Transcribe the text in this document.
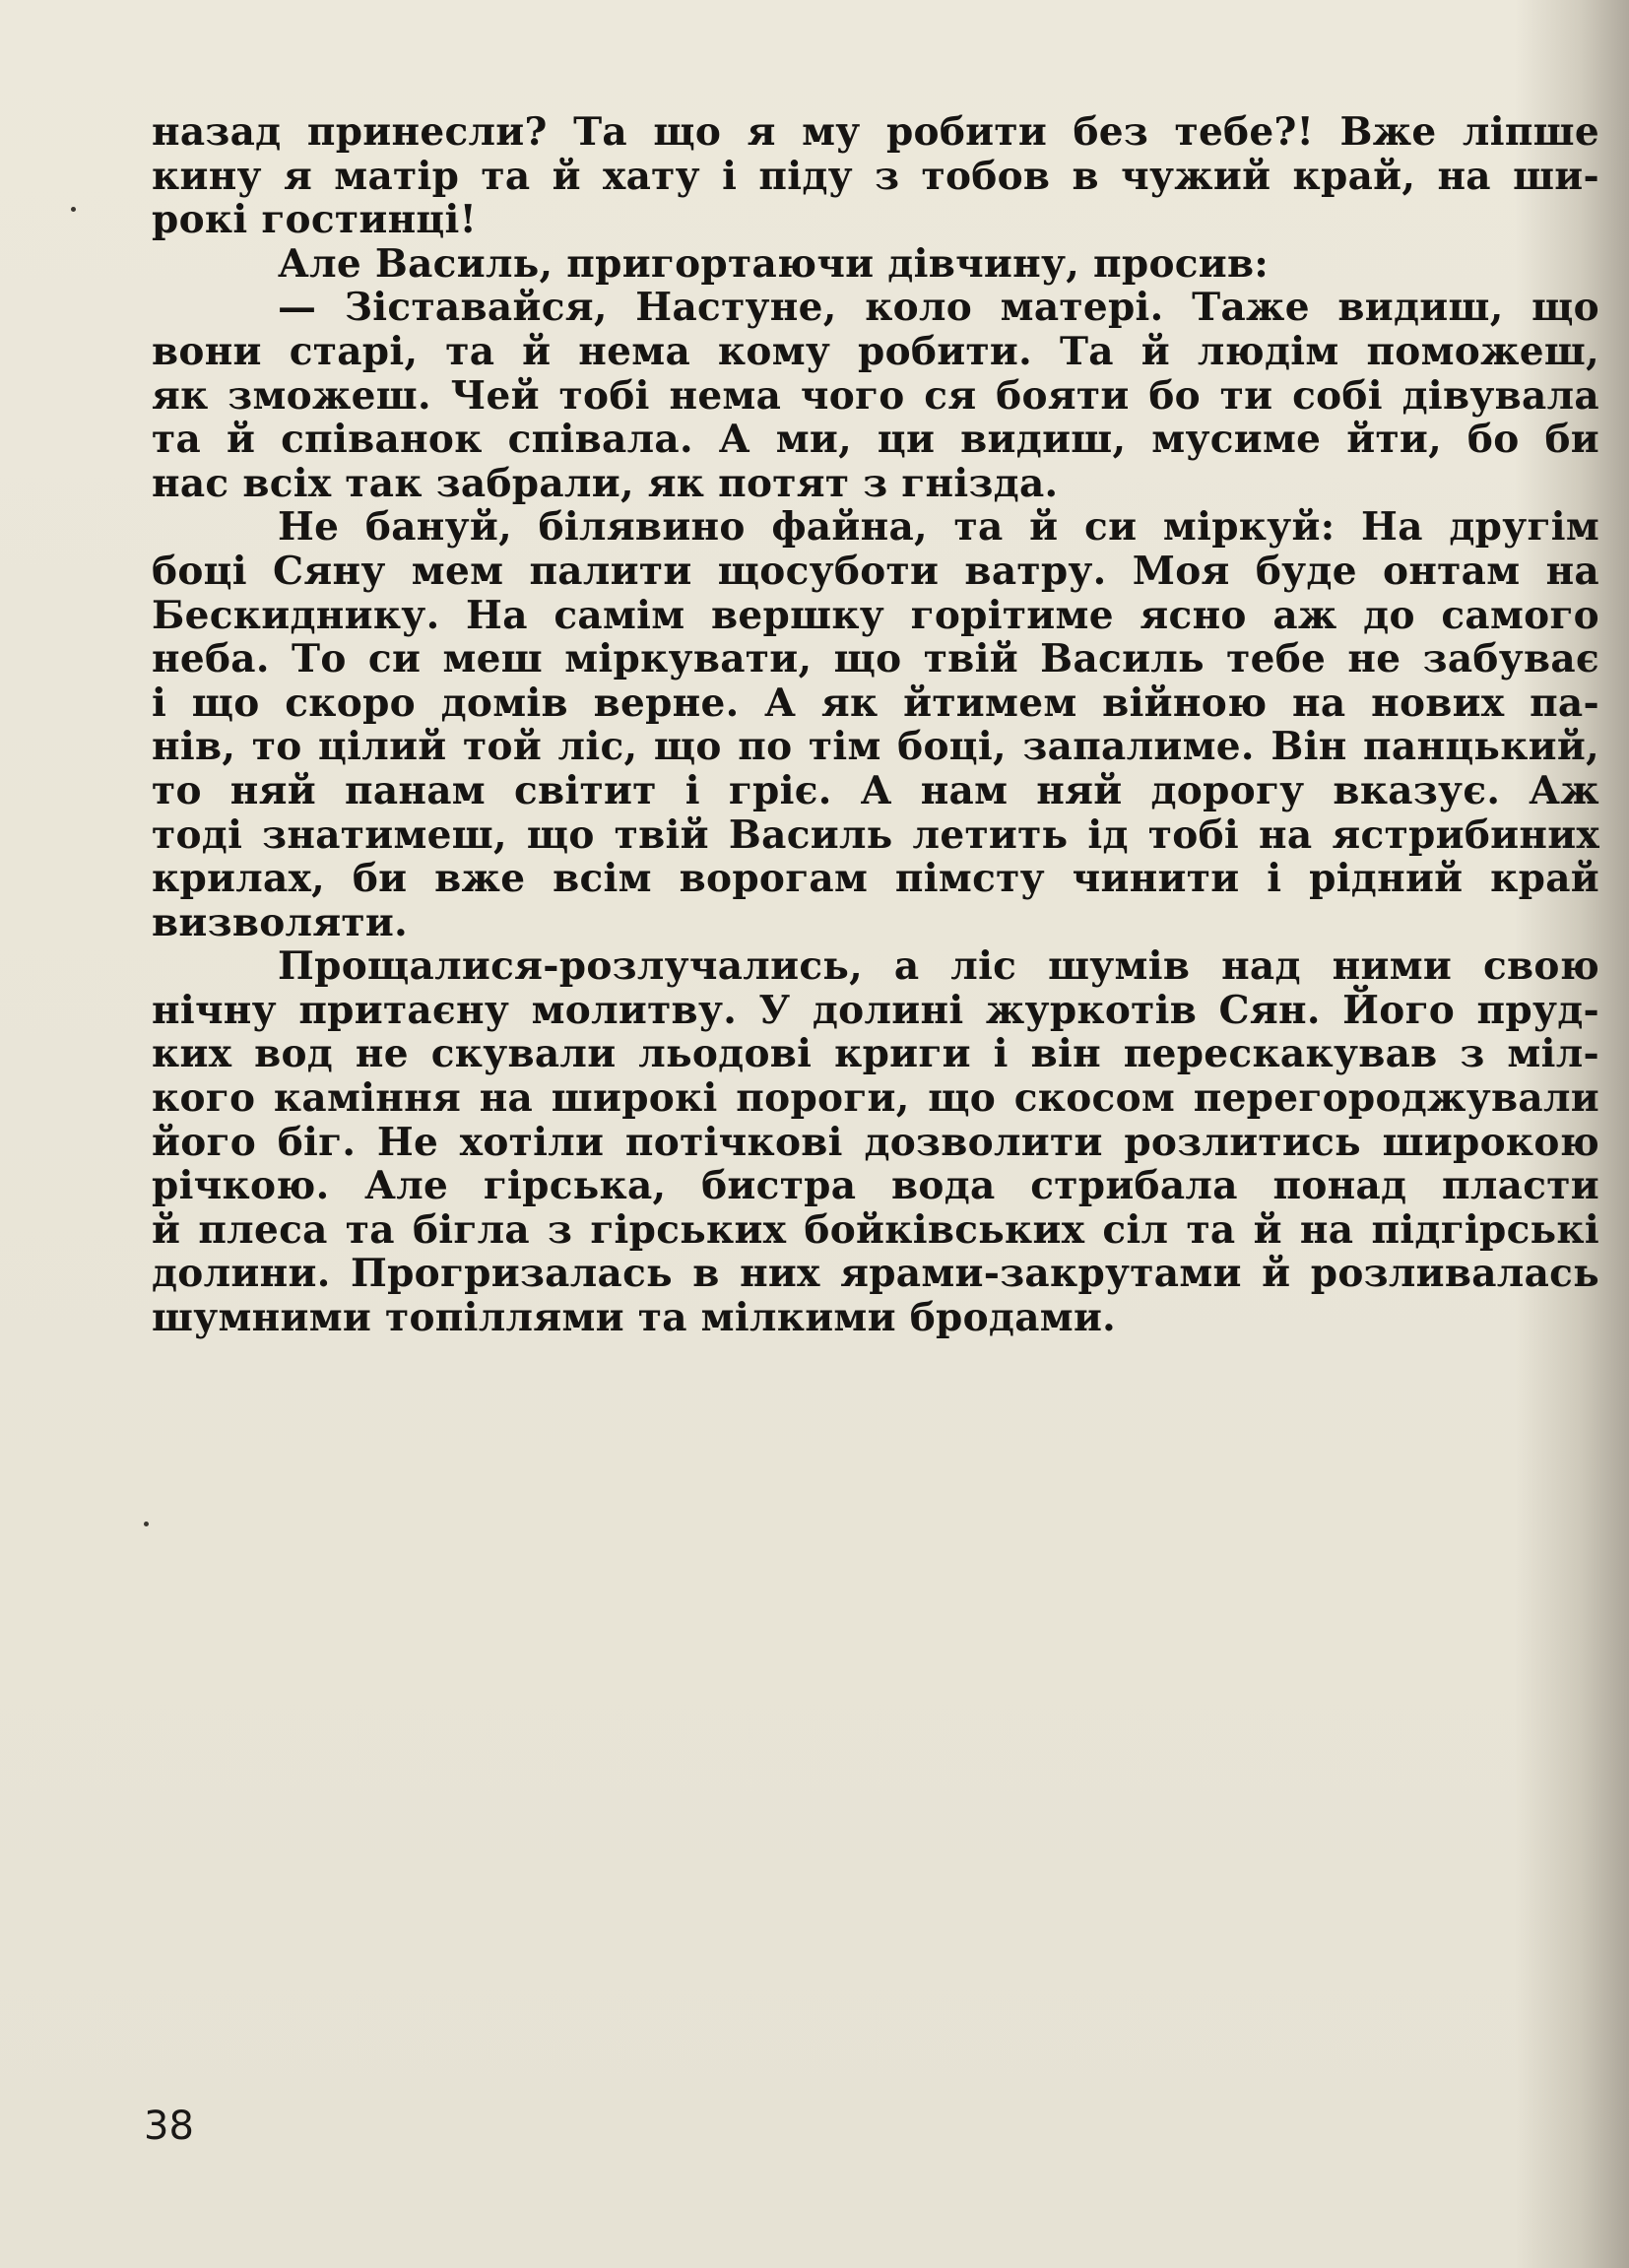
назад принесли? Та що я му робити без тебе?! Вже ліпше
кину я матір та й хату і піду з тобов в чужий край, на ши-
рокі гостинці!
Але Василь, пригортаючи дівчину, просив:
— Зіставайся, Настуне, коло матері. Таже видиш, що
вони старі, та й нема кому робити. Та й людім поможеш,
як зможеш. Чей тобі нема чого ся бояти бо ти собі дівувала
та й співанок співала. А ми, ци видиш, мусиме йти, бо би
нас всіх так забрали, як потят з гнізда.
Не бануй, білявино файна, та й си міркуй: На другім
боці Сяну мем палити щосуботи ватру. Моя буде онтам на
Бескиднику. На самім вершку горітиме ясно аж до самого
неба. То си меш міркувати, що твій Василь тебе не забуває
і що скоро домів верне. А як йтимем війною на нових па-
нів, то цілий той ліс, що по тім боці, запалиме. Він панцький,
то няй панам світит і гріє. А нам няй дорогу вказує. Аж
тоді знатимеш, що твій Василь летить ід тобі на ястрибиних
крилах, би вже всім ворогам пімсту чинити і рідний край
визволяти.
Прощалися-розлучались, а ліс шумів над ними свою
нічну притаєну молитву. У долині журкотів Сян. Його пруд-
ких вод не скували льодові криги і він перескакував з міл-
кого каміння на широкі пороги, що скосом перегороджували
його біг. Не хотіли потічкові дозволити розлитись широкою
річкою. Але гірська, бистра вода стрибала понад пласти
й плеса та бігла з гірських бойківських сіл та й на підгірські
долини. Прогризалась в них ярами-закрутами й розливалась
шумними топіллями та мілкими бродами.
38
